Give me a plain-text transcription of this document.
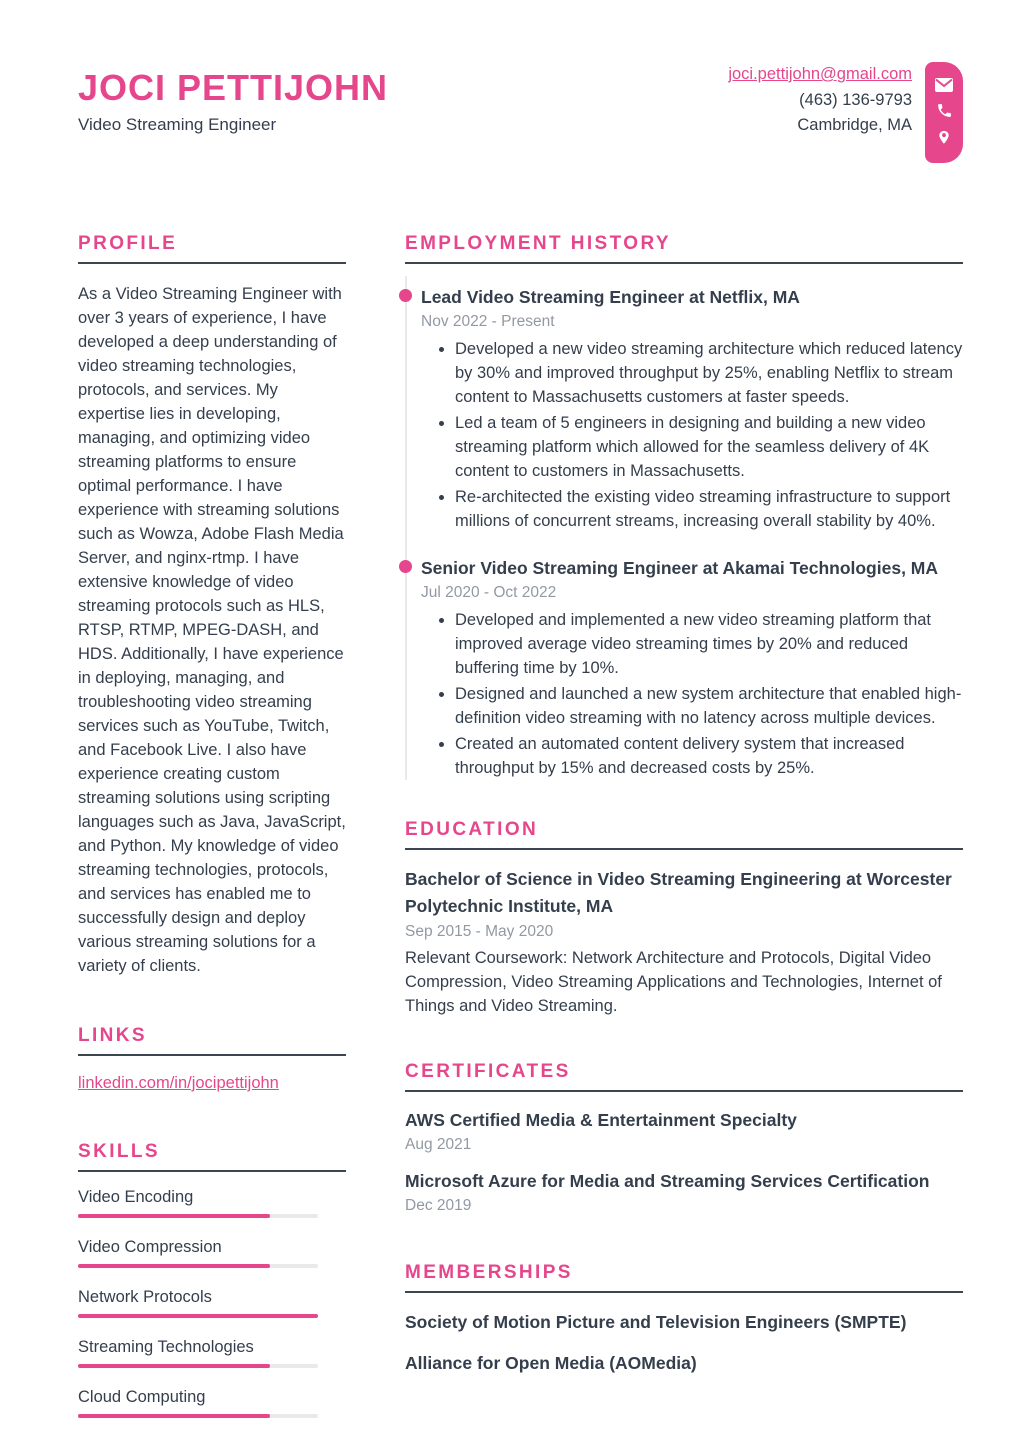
JOCI PETTIJOHN
Video Streaming Engineer
joci.pettijohn@gmail.com
(463) 136-9793
Cambridge, MA
PROFILE

As a Video Streaming Engineer with over 3 years of experience, I have developed a deep understanding of video streaming technologies, protocols, and services. My expertise lies in developing, managing, and optimizing video streaming platforms to ensure optimal performance. I have experience with streaming solutions such as Wowza, Adobe Flash Media Server, and nginx-rtmp. I have extensive knowledge of video streaming protocols such as HLS, RTSP, RTMP, MPEG-DASH, and HDS. Additionally, I have experience in deploying, managing, and troubleshooting video streaming services such as YouTube, Twitch, and Facebook Live. I also have experience creating custom streaming solutions using scripting languages such as Java, JavaScript, and Python. My knowledge of video streaming technologies, protocols, and services has enabled me to successfully design and deploy various streaming solutions for a variety of clients.

LINKS
linkedin.com/in/jocipettijohn
SKILLS
Video Encoding
Video Compression
Network Protocols
Streaming Technologies
Cloud Computing
EMPLOYMENT HISTORY
Lead Video Streaming Engineer at Netflix, MA
Nov 2022 - Present
• Developed a new video streaming architecture which reduced latency by 30% and improved throughput by 25%, enabling Netflix to stream content to Massachusetts customers at faster speeds.
• Led a team of 5 engineers in designing and building a new video streaming platform which allowed for the seamless delivery of 4K content to customers in Massachusetts.
• Re-architected the existing video streaming infrastructure to support millions of concurrent streams, increasing overall stability by 40%.
Senior Video Streaming Engineer at Akamai Technologies, MA
Jul 2020 - Oct 2022
• Developed and implemented a new video streaming platform that improved average video streaming times by 20% and reduced buffering time by 10%.
• Designed and launched a new system architecture that enabled high-definition video streaming with no latency across multiple devices.
• Created an automated content delivery system that increased throughput by 15% and decreased costs by 25%.
EDUCATION
Bachelor of Science in Video Streaming Engineering at Worcester Polytechnic Institute, MA
Sep 2015 - May 2020

Relevant Coursework: Network Architecture and Protocols, Digital Video Compression, Video Streaming Applications and Technologies, Internet of Things and Video Streaming.

CERTIFICATES
AWS Certified Media & Entertainment Specialty
Aug 2021
Microsoft Azure for Media and Streaming Services Certification
Dec 2019
MEMBERSHIPS
Society of Motion Picture and Television Engineers (SMPTE)
Alliance for Open Media (AOMedia)
